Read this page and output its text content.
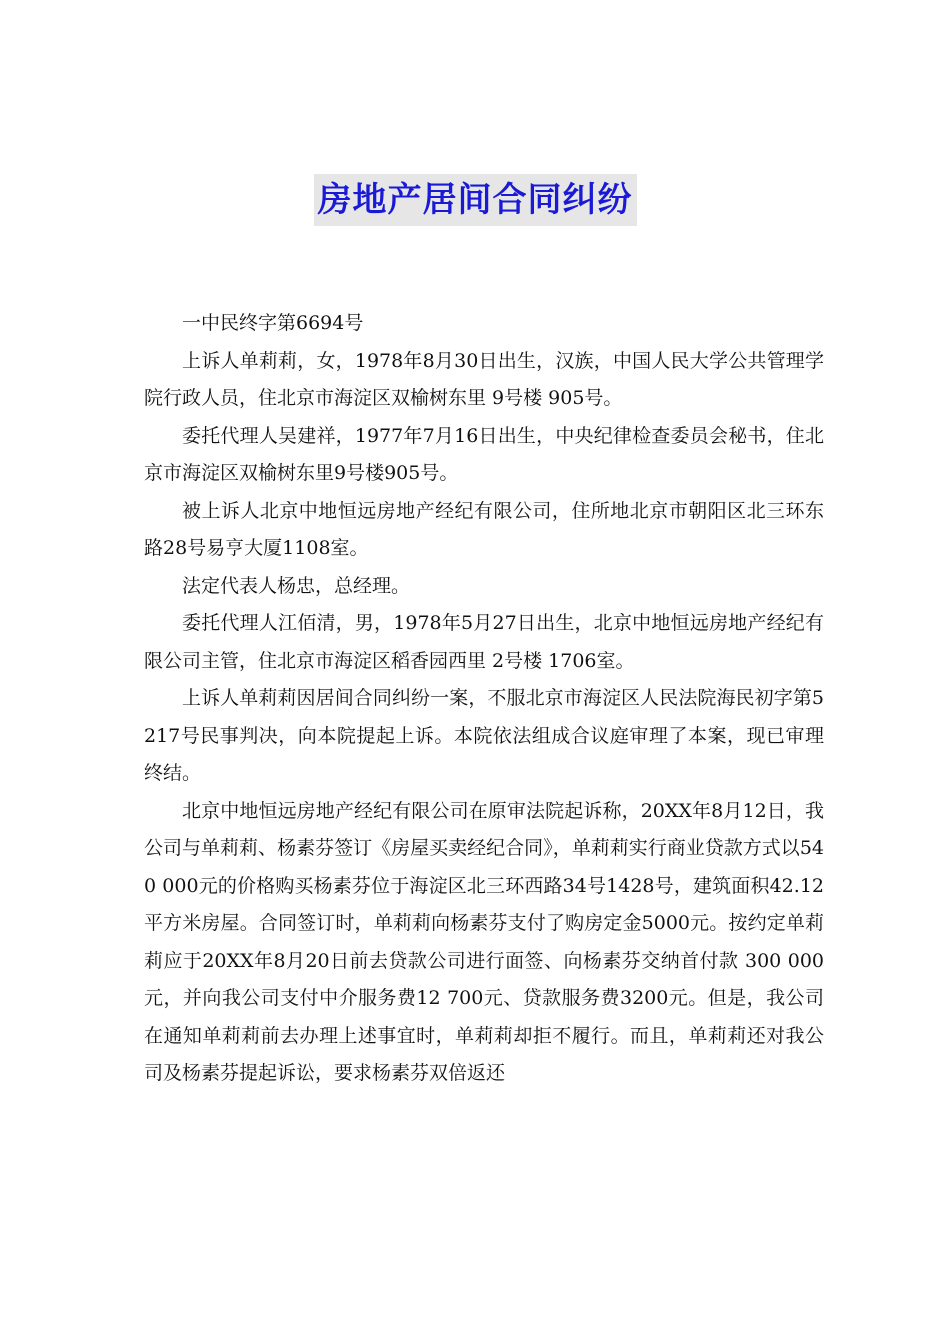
房地产居间合同纠纷

一中民终字第6694号

上诉人单莉莉，女，1978年8月30日出生，汉族，中国人民大学公共管理学院行政人员，住北京市海淀区双榆树东里 9号楼 905号。

委托代理人吴建祥，1977年7月16日出生，中央纪律检查委员会秘书，住北京市海淀区双榆树东里9号楼905号。

被上诉人北京中地恒远房地产经纪有限公司，住所地北京市朝阳区北三环东路28号易亨大厦1108室。

法定代表人杨忠，总经理。

委托代理人江佰清，男，1978年5月27日出生，北京中地恒远房地产经纪有限公司主管，住北京市海淀区稻香园西里 2号楼 1706室。

上诉人单莉莉因居间合同纠纷一案，不服北京市海淀区人民法院海民初字第5217号民事判决，向本院提起上诉。本院依法组成合议庭审理了本案，现已审理终结。

北京中地恒远房地产经纪有限公司在原审法院起诉称，20XX年8月12日，我公司与单莉莉、杨素芬签订《房屋买卖经纪合同》，单莉莉实行商业贷款方式以540 000元的价格购买杨素芬位于海淀区北三环西路34号1428号，建筑面积42.12平方米房屋。合同签订时，单莉莉向杨素芬支付了购房定金5000元。按约定单莉莉应于20XX年8月20日前去贷款公司进行面签、向杨素芬交纳首付款 300 000元，并向我公司支付中介服务费12 700元、贷款服务费3200元。但是，我公司在通知单莉莉前去办理上述事宜时，单莉莉却拒不履行。而且，单莉莉还对我公司及杨素芬提起诉讼，要求杨素芬双倍返还
